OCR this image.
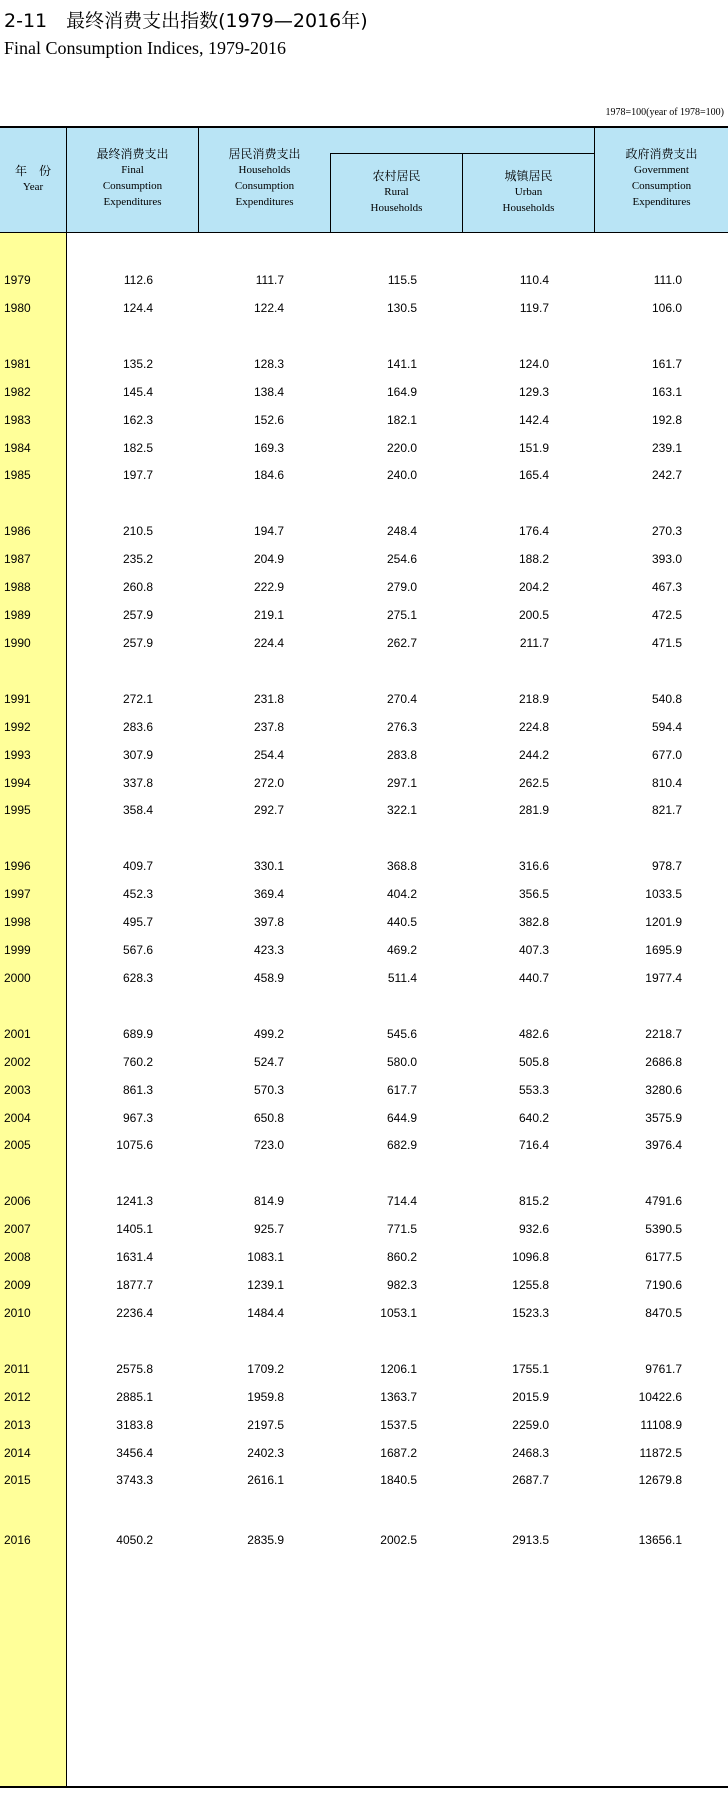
2-11　最终消费支出指数(1979—2016年)
Final Consumption Indices, 1979-2016
1978=100(year of 1978=100)
年　份
Year
最终消费支出
Final
Consumption
Expenditures
居民消费支出
Households
Consumption
Expenditures
农村居民
Rural
Households
城镇居民
Urban
Households
政府消费支出
Government
Consumption
Expenditures
1979	112.6	111.7	115.5	110.4	111.0
1980	124.4	122.4	130.5	119.7	106.0
1981	135.2	128.3	141.1	124.0	161.7
1982	145.4	138.4	164.9	129.3	163.1
1983	162.3	152.6	182.1	142.4	192.8
1984	182.5	169.3	220.0	151.9	239.1
1985	197.7	184.6	240.0	165.4	242.7
1986	210.5	194.7	248.4	176.4	270.3
1987	235.2	204.9	254.6	188.2	393.0
1988	260.8	222.9	279.0	204.2	467.3
1989	257.9	219.1	275.1	200.5	472.5
1990	257.9	224.4	262.7	211.7	471.5
1991	272.1	231.8	270.4	218.9	540.8
1992	283.6	237.8	276.3	224.8	594.4
1993	307.9	254.4	283.8	244.2	677.0
1994	337.8	272.0	297.1	262.5	810.4
1995	358.4	292.7	322.1	281.9	821.7
1996	409.7	330.1	368.8	316.6	978.7
1997	452.3	369.4	404.2	356.5	1033.5
1998	495.7	397.8	440.5	382.8	1201.9
1999	567.6	423.3	469.2	407.3	1695.9
2000	628.3	458.9	511.4	440.7	1977.4
2001	689.9	499.2	545.6	482.6	2218.7
2002	760.2	524.7	580.0	505.8	2686.8
2003	861.3	570.3	617.7	553.3	3280.6
2004	967.3	650.8	644.9	640.2	3575.9
2005	1075.6	723.0	682.9	716.4	3976.4
2006	1241.3	814.9	714.4	815.2	4791.6
2007	1405.1	925.7	771.5	932.6	5390.5
2008	1631.4	1083.1	860.2	1096.8	6177.5
2009	1877.7	1239.1	982.3	1255.8	7190.6
2010	2236.4	1484.4	1053.1	1523.3	8470.5
2011	2575.8	1709.2	1206.1	1755.1	9761.7
2012	2885.1	1959.8	1363.7	2015.9	10422.6
2013	3183.8	2197.5	1537.5	2259.0	11108.9
2014	3456.4	2402.3	1687.2	2468.3	11872.5
2015	3743.3	2616.1	1840.5	2687.7	12679.8
2016	4050.2	2835.9	2002.5	2913.5	13656.1
